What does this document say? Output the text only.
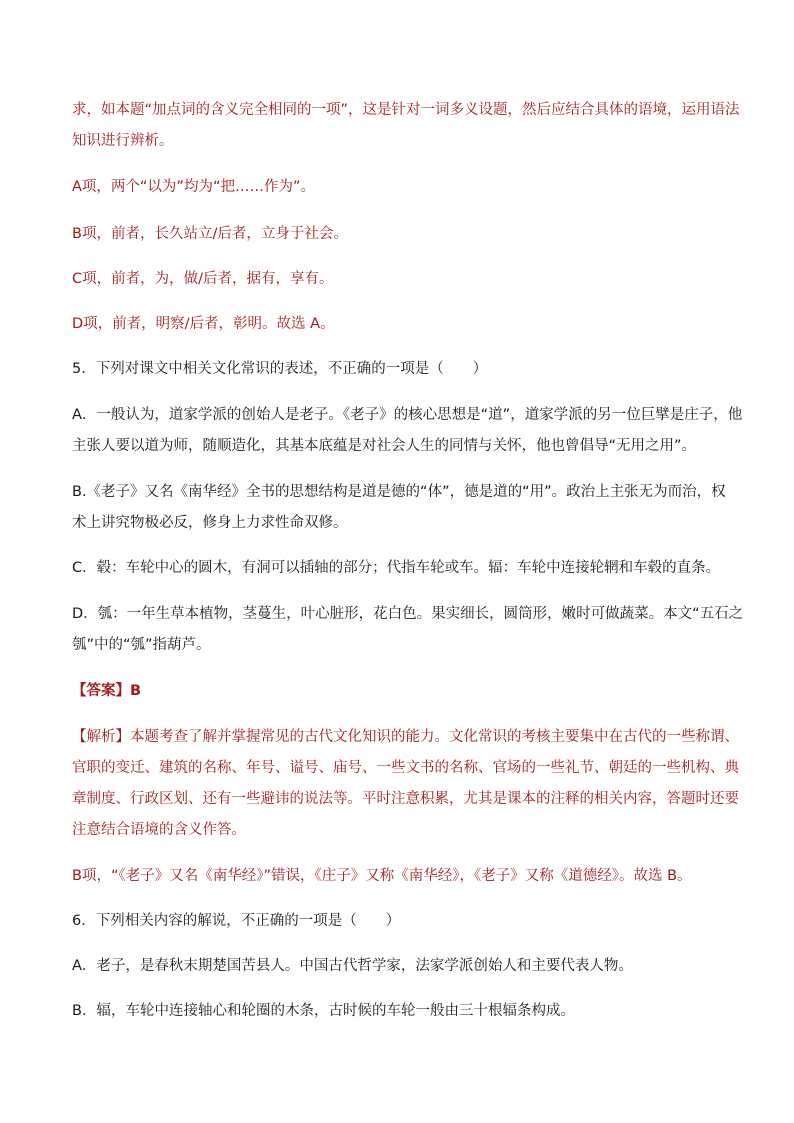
求，如本题“加点词的含义完全相同的一项”，这是针对一词多义设题，然后应结合具体的语境，运用语法
知识进行辨析。
A项，两个“以为”均为“把……作为”。
B项，前者，长久站立/后者，立身于社会。
C项，前者，为，做/后者，据有，享有。
D项，前者，明察/后者，彰明。故选 A。
5．下列对课文中相关文化常识的表述，不正确的一项是（　　）
A．一般认为，道家学派的创始人是老子。《老子》的核心思想是“道”，道家学派的另一位巨擘是庄子，他
主张人要以道为师，随顺造化，其基本底蕴是对社会人生的同情与关怀，他也曾倡导“无用之用”。
B.《老子》又名《南华经》全书的思想结构是道是德的“体”，德是道的“用”。政治上主张无为而治，权
术上讲究物极必反，修身上力求性命双修。
C．毂：车轮中心的圆木，有洞可以插轴的部分；代指车轮或车。辐：车轮中连接轮辋和车毂的直条。
D．瓠：一年生草本植物，茎蔓生，叶心脏形，花白色。果实细长，圆筒形，嫩时可做蔬菜。本文“五石之
瓠”中的“瓠”指葫芦。
【答案】B
【解析】本题考查了解并掌握常见的古代文化知识的能力。文化常识的考核主要集中在古代的一些称谓、
官职的变迁、建筑的名称、年号、谥号、庙号、一些文书的名称、官场的一些礼节、朝廷的一些机构、典
章制度、行政区划、还有一些避讳的说法等。平时注意积累，尤其是课本的注释的相关内容，答题时还要
注意结合语境的含义作答。
B项，“《老子》又名《南华经》”错误，《庄子》又称《南华经》，《老子》又称《道德经》。故选 B。
6．下列相关内容的解说，不正确的一项是（　　）
A．老子，是春秋末期楚国苦县人。中国古代哲学家，法家学派创始人和主要代表人物。
B．辐，车轮中连接轴心和轮圈的木条，古时候的车轮一般由三十根辐条构成。
